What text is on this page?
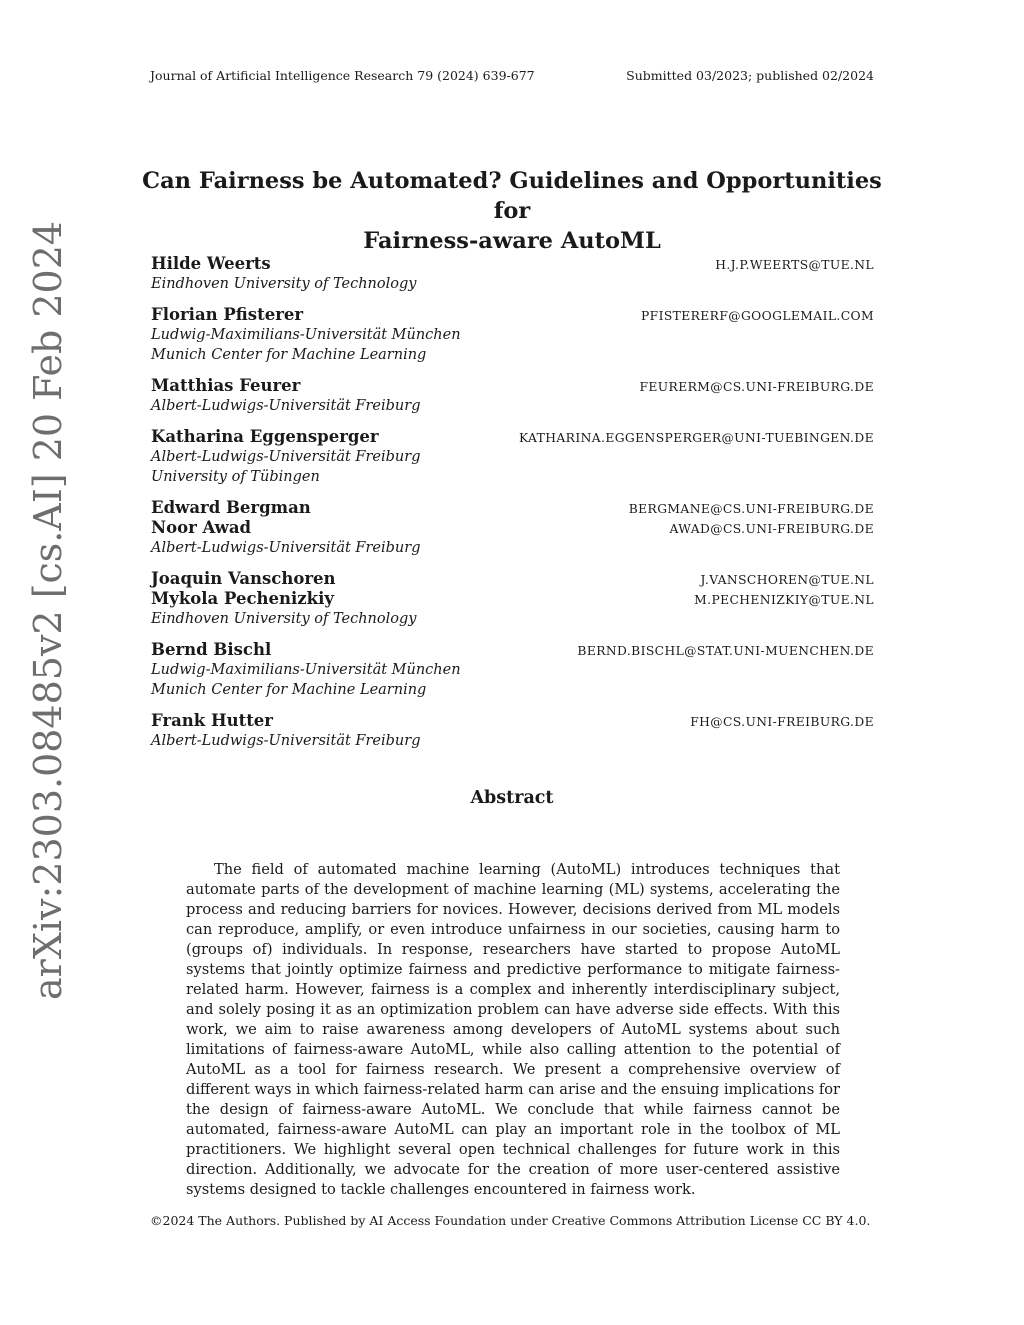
Journal of Artificial Intelligence Research 79 (2024) 639-677	Submitted 03/2023; published 02/2024
arXiv:2303.08485v2 [cs.AI] 20 Feb 2024
Can Fairness be Automated? Guidelines and Opportunities for
Fairness-aware AutoML
Hilde Weerts	H.J.P.WEERTS@TUE.NL
Eindhoven University of Technology
Florian Pfisterer	PFISTERERF@GOOGLEMAIL.COM
Ludwig-Maximilians-Universität München
Munich Center for Machine Learning
Matthias Feurer	FEURERM@CS.UNI-FREIBURG.DE
Albert-Ludwigs-Universität Freiburg
Katharina Eggensperger	KATHARINA.EGGENSPERGER@UNI-TUEBINGEN.DE
Albert-Ludwigs-Universität Freiburg
University of Tübingen
Edward Bergman	BERGMANE@CS.UNI-FREIBURG.DE
Noor Awad	AWAD@CS.UNI-FREIBURG.DE
Albert-Ludwigs-Universität Freiburg
Joaquin Vanschoren	J.VANSCHOREN@TUE.NL
Mykola Pechenizkiy	M.PECHENIZKIY@TUE.NL
Eindhoven University of Technology
Bernd Bischl	BERND.BISCHL@STAT.UNI-MUENCHEN.DE
Ludwig-Maximilians-Universität München
Munich Center for Machine Learning
Frank Hutter	FH@CS.UNI-FREIBURG.DE
Albert-Ludwigs-Universität Freiburg
Abstract

The field of automated machine learning (AutoML) introduces techniques that automate parts of the development of machine learning (ML) systems, accelerating the process and reducing barriers for novices. However, decisions derived from ML models can reproduce, amplify, or even introduce unfairness in our societies, causing harm to (groups of) individuals. In response, researchers have started to propose AutoML systems that jointly optimize fairness and predictive performance to mitigate fairness-related harm. However, fairness is a complex and inherently interdisciplinary subject, and solely posing it as an optimization problem can have adverse side effects. With this work, we aim to raise awareness among developers of AutoML systems about such limitations of fairness-aware AutoML, while also calling attention to the potential of AutoML as a tool for fairness research. We present a comprehensive overview of different ways in which fairness-related harm can arise and the ensuing implications for the design of fairness-aware AutoML. We conclude that while fairness cannot be automated, fairness-aware AutoML can play an important role in the toolbox of ML practitioners. We highlight several open technical challenges for future work in this direction. Additionally, we advocate for the creation of more user-centered assistive systems designed to tackle challenges encountered in fairness work.

©2024 The Authors. Published by AI Access Foundation under Creative Commons Attribution License CC BY 4.0.
